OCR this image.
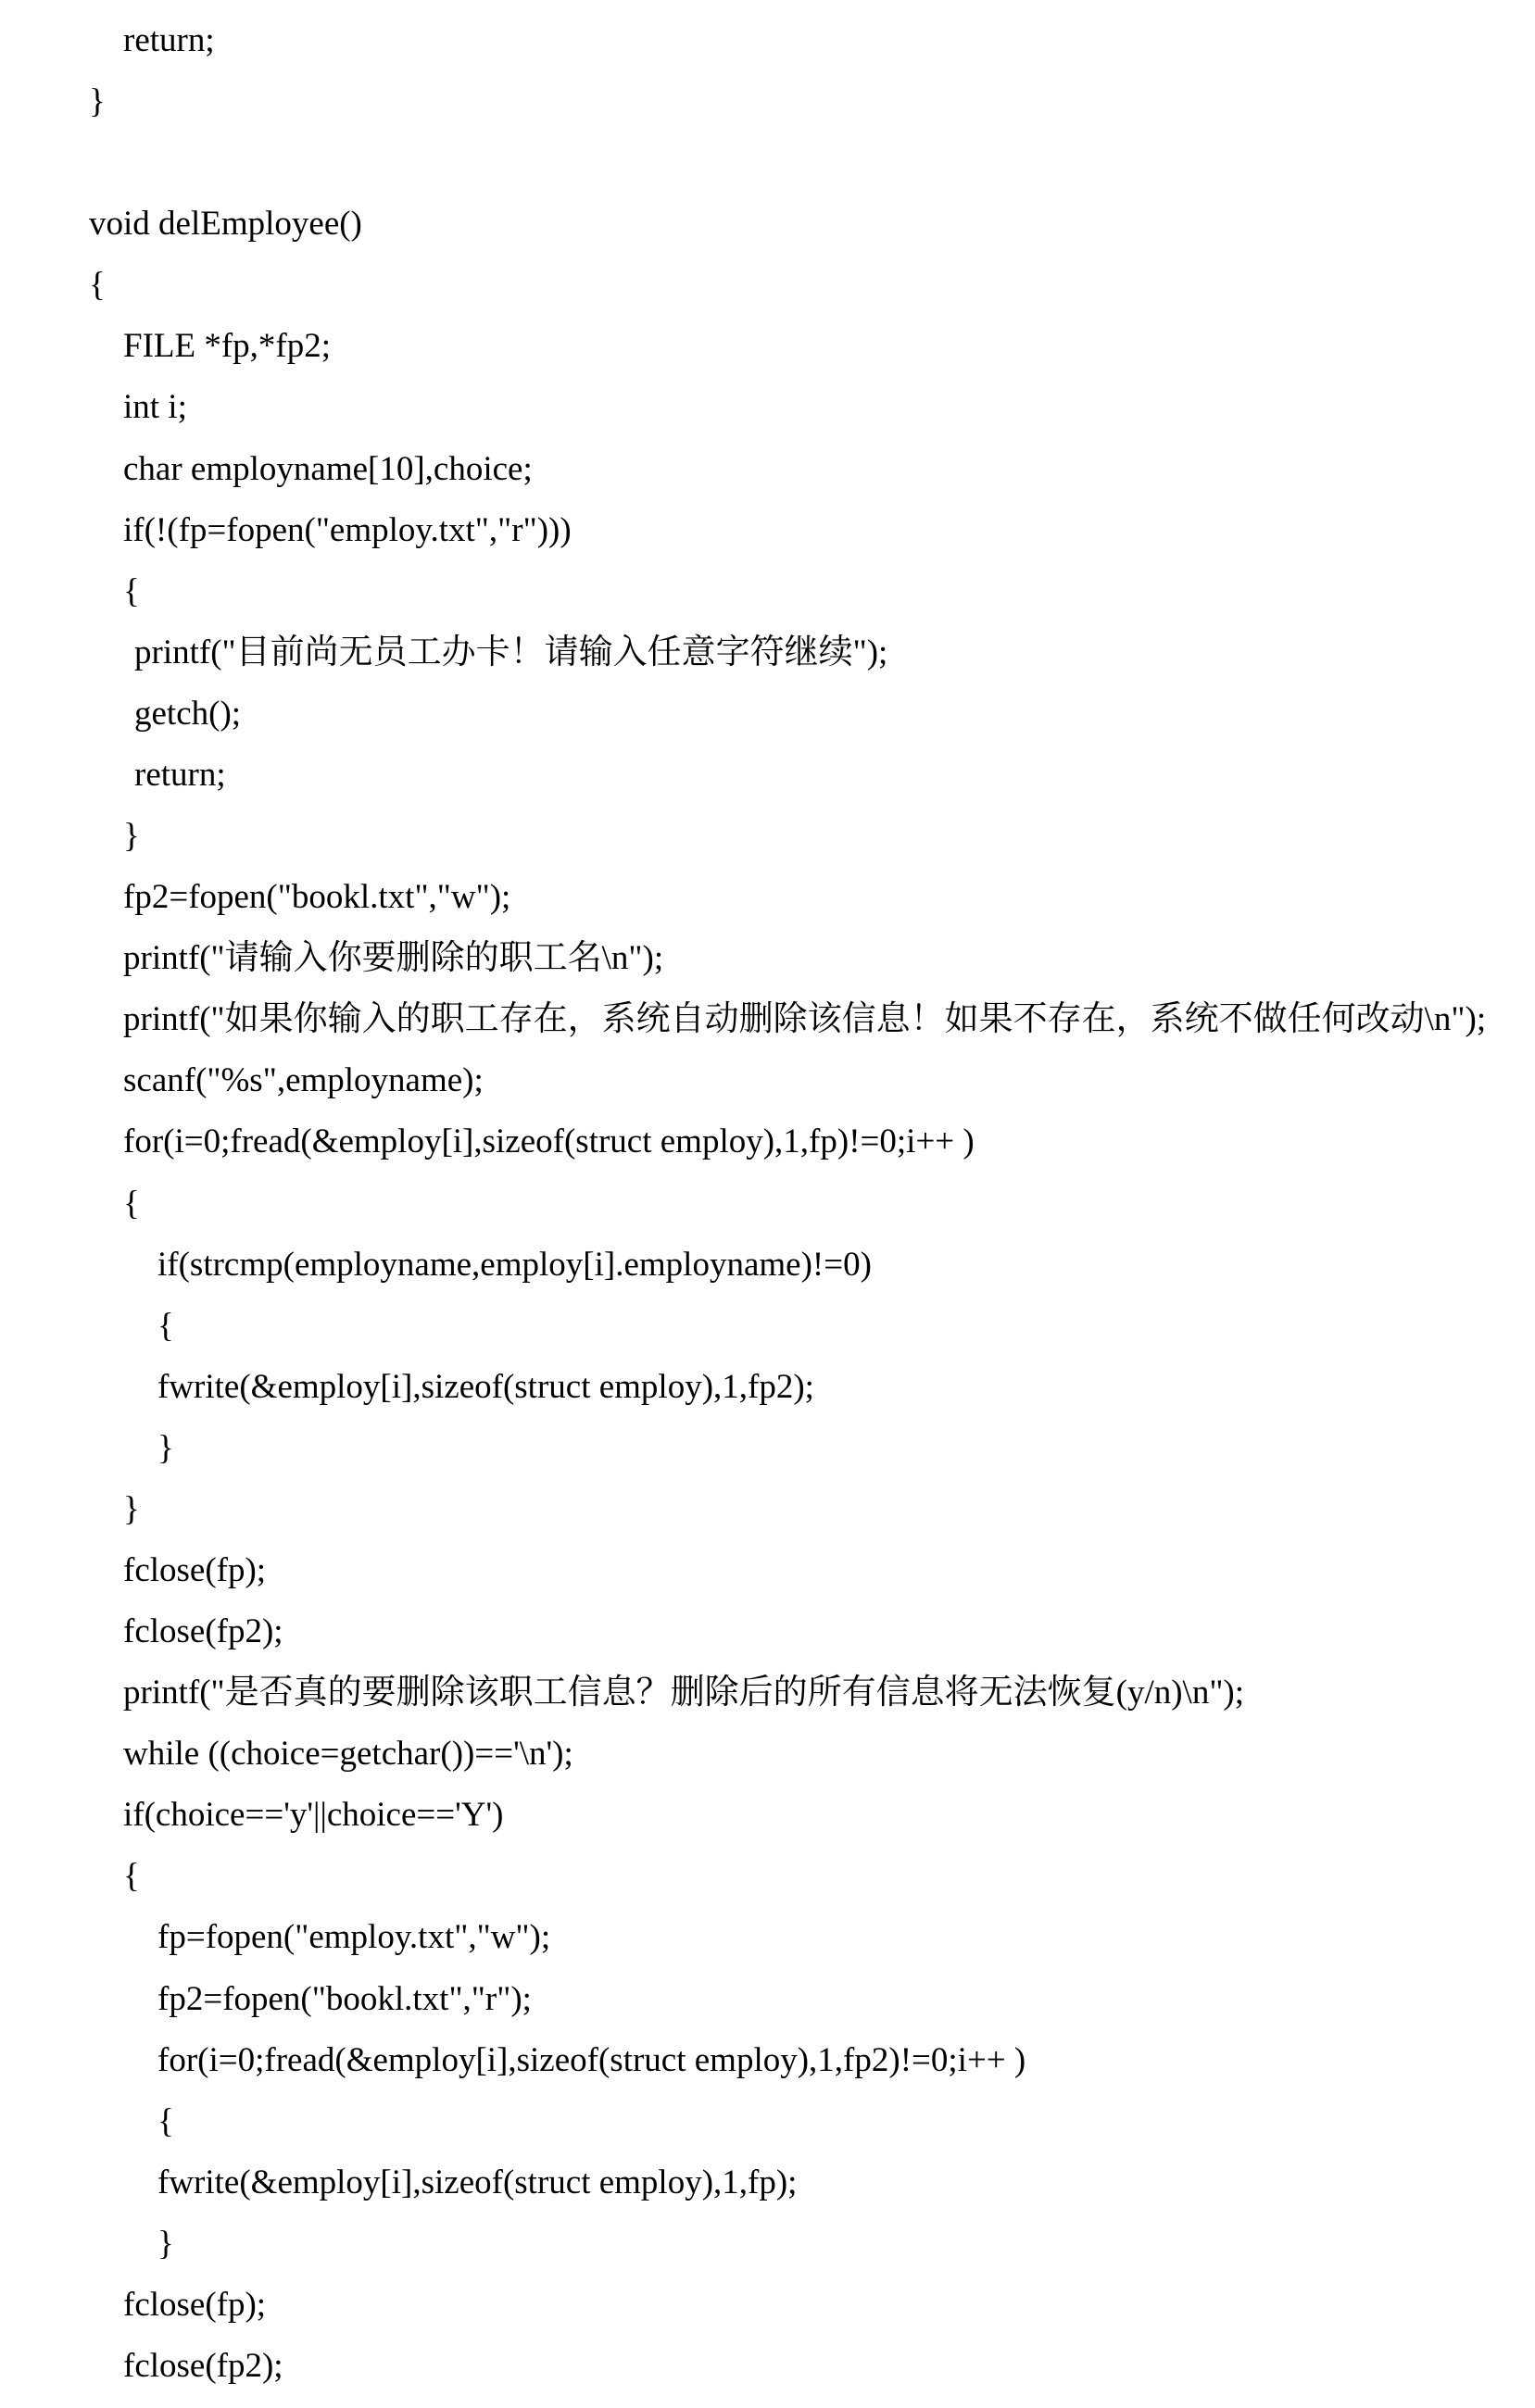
return;
}
void delEmployee()
{
FILE *fp,*fp2;
int i;
char employname[10],choice;
if(!(fp=fopen("employ.txt","r")))
{
printf("目前尚无员工办卡！请输入任意字符继续");
getch();
return;
}
fp2=fopen("bookl.txt","w");
printf("请输入你要删除的职工名\n");
printf("如果你输入的职工存在，系统自动删除该信息！如果不存在，系统不做任何改动\n");
scanf("%s",employname);
for(i=0;fread(&employ[i],sizeof(struct employ),1,fp)!=0;i++ )
{
if(strcmp(employname,employ[i].employname)!=0)
{
fwrite(&employ[i],sizeof(struct employ),1,fp2);
}
}
fclose(fp);
fclose(fp2);
printf("是否真的要删除该职工信息？删除后的所有信息将无法恢复(y/n)\n");
while ((choice=getchar())=='\n');
if(choice=='y'||choice=='Y')
{
fp=fopen("employ.txt","w");
fp2=fopen("bookl.txt","r");
for(i=0;fread(&employ[i],sizeof(struct employ),1,fp2)!=0;i++ )
{
fwrite(&employ[i],sizeof(struct employ),1,fp);
}
fclose(fp);
fclose(fp2);
